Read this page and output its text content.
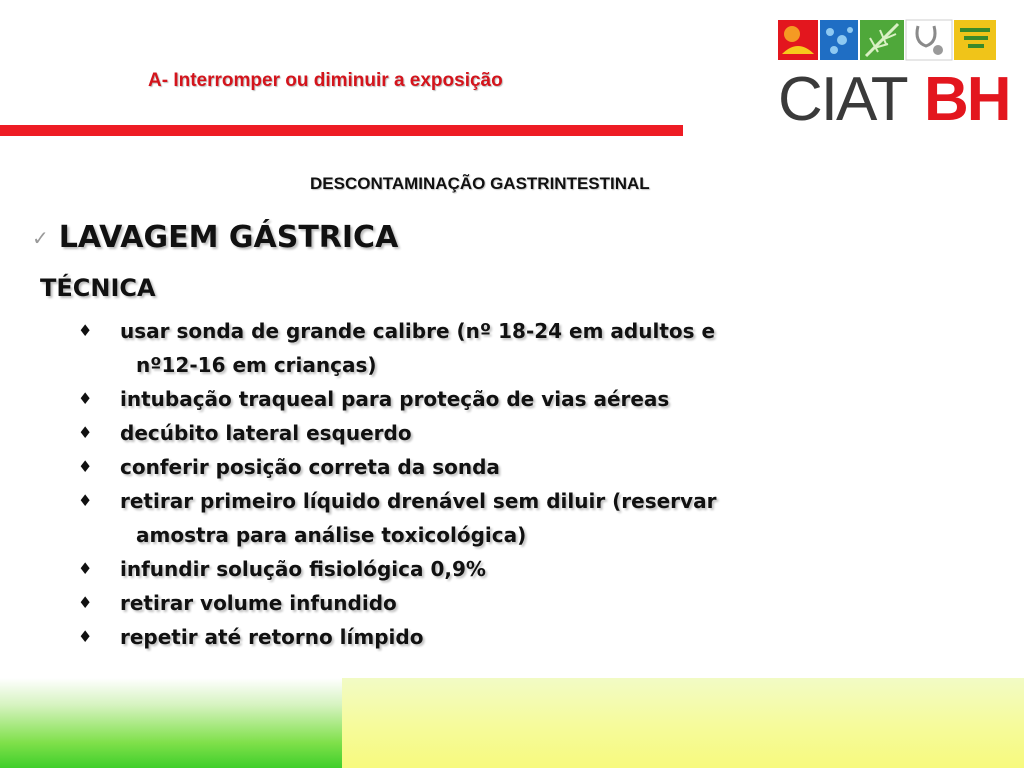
A- Interromper ou diminuir a exposição	CIAT BH
DESCONTAMINAÇÃO GASTRINTESTINAL
✓ LAVAGEM GÁSTRICA
TÉCNICA
♦ usar sonda de grande calibre (nº 18-24 em adultos e
nº12-16 em crianças)
♦ intubação traqueal para proteção de vias aéreas
♦ decúbito lateral esquerdo
♦ conferir posição correta da sonda
♦ retirar primeiro líquido drenável sem diluir (reservar
amostra para análise toxicológica)
♦ infundir solução fisiológica 0,9%
♦ retirar volume infundido
♦ repetir até retorno límpido
